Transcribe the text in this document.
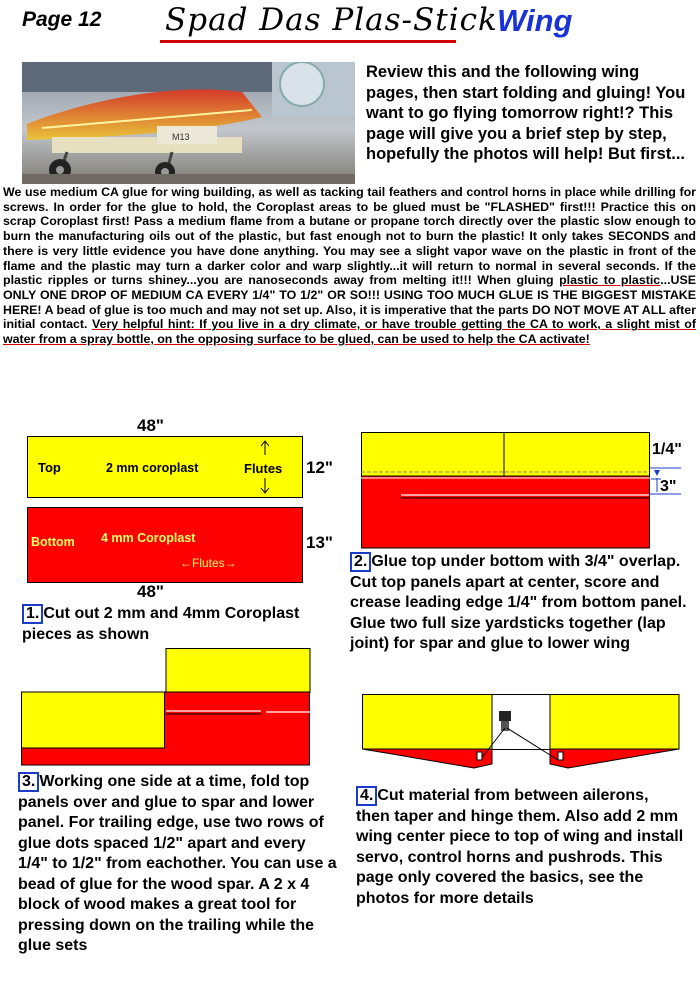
Page 12 Spad Das Plas-Stick Wing
M13
Review this and the following wing pages, then start folding and gluing! You want to go flying tomorrow right!? This page will give you a brief step by step, hopefully the photos will help! But first...
We use medium CA glue for wing building, as well as tacking tail feathers and control horns in place while drilling for screws. In order for the glue to hold, the Coroplast areas to be glued must be "FLASHED" first!!! Practice this on scrap Coroplast first! Pass a medium flame from a butane or propane torch directly over the plastic slow enough to burn the manufacturing oils out of the plastic, but fast enough not to burn the plastic! It only takes SECONDS and there is very little evidence you have done anything. You may see a slight vapor wave on the plastic in front of the flame and the plastic may turn a darker color and warp slightly...it will return to normal in several seconds. If the plastic ripples or turns shiney...you are nanoseconds away from melting it!!! When gluing plastic to plastic...USE ONLY ONE DROP OF MEDIUM CA EVERY 1/4" TO 1/2" OR SO!!! USING TOO MUCH GLUE IS THE BIGGEST MISTAKE HERE! A bead of glue is too much and may not set up. Also, it is imperative that the parts DO NOT MOVE AT ALL after initial contact. Very helpful hint: If you live in a dry climate, or have trouble getting the CA to work, a slight mist of water from a spray bottle, on the opposing surface to be glued, can be used to help the CA activate!
48"
Top	2 mm coroplast	Flutes 12"
Bottom 4 mm Coroplast
←Flutes→
13"
48"
1. Cut out 2 mm and 4mm Coroplast pieces as shown
1/4"
3"
2. Glue top under bottom with 3/4" overlap. Cut top panels apart at center, score and crease leading edge 1/4" from bottom panel. Glue two full size yardsticks together (lap joint) for spar and glue to lower wing
3. Working one side at a time, fold top panels over and glue to spar and lower panel. For trailing edge, use two rows of glue dots spaced 1/2" apart and every 1/4" to 1/2" from eachother. You can use a bead of glue for the wood spar. A 2 x 4 block of wood makes a great tool for pressing down on the trailing while the glue sets
4. Cut material from between ailerons, then taper and hinge them. Also add 2 mm wing center piece to top of wing and install servo, control horns and pushrods. This page only covered the basics, see the photos for more details
